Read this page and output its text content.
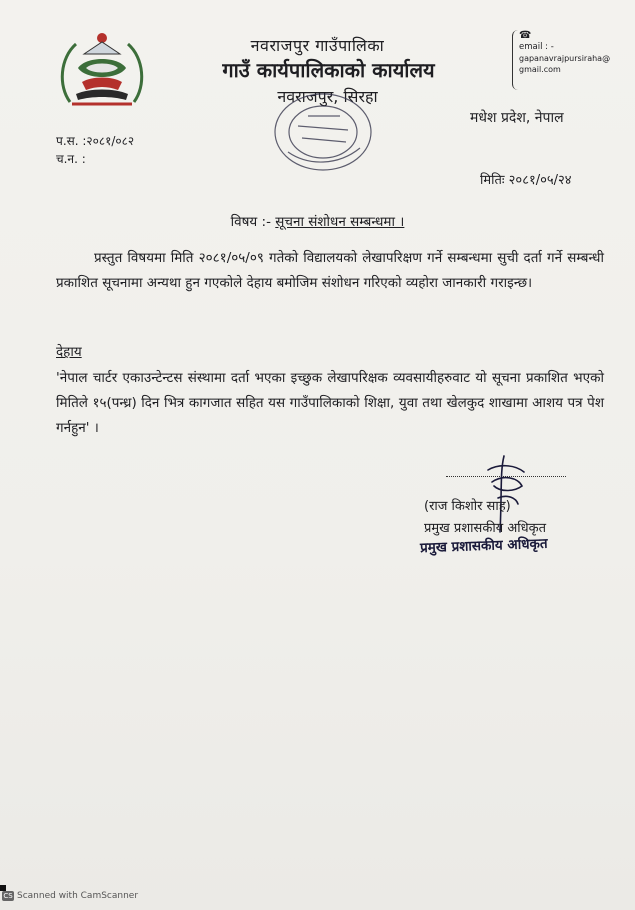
नवराजपुर गाउँपालिका
गाउँ कार्यपालिकाको कार्यालय
नवराजपुर, सिरहा
☎
email : -
gapanavrajpursiraha@
gmail.com
मधेश प्रदेश, नेपाल
प.स. :२०८१/०८२
च.न. :
मितिः २०८१/०५/२४
विषय :- सूचना संशोधन सम्बन्धमा ।
प्रस्तुत विषयमा मिति २०८१/०५/०९ गतेको विद्यालयको लेखापरिक्षण गर्ने सम्बन्धमा सुची दर्ता गर्ने सम्बन्धी प्रकाशित सूचनामा अन्यथा हुन गएकोले देहाय बमोजिम संशोधन गरिएको व्यहोरा जानकारी गराइन्छ।
देहाय
'नेपाल चार्टर एकाउन्टेन्टस संस्थामा दर्ता भएका इच्छुक लेखापरिक्षक व्यवसायीहरुवाट यो सूचना प्रकाशित भएको मितिले १५(पन्ध्र) दिन भित्र कागजात सहित यस गाउँपालिकाको शिक्षा, युवा तथा खेलकुद शाखामा आशय पत्र पेश गर्नहुन' ।
(राज किशोर साह)
प्रमुख प्रशासकीय अधिकृत
प्रमुख प्रशासकीय अधिकृत
CS Scanned with CamScanner
